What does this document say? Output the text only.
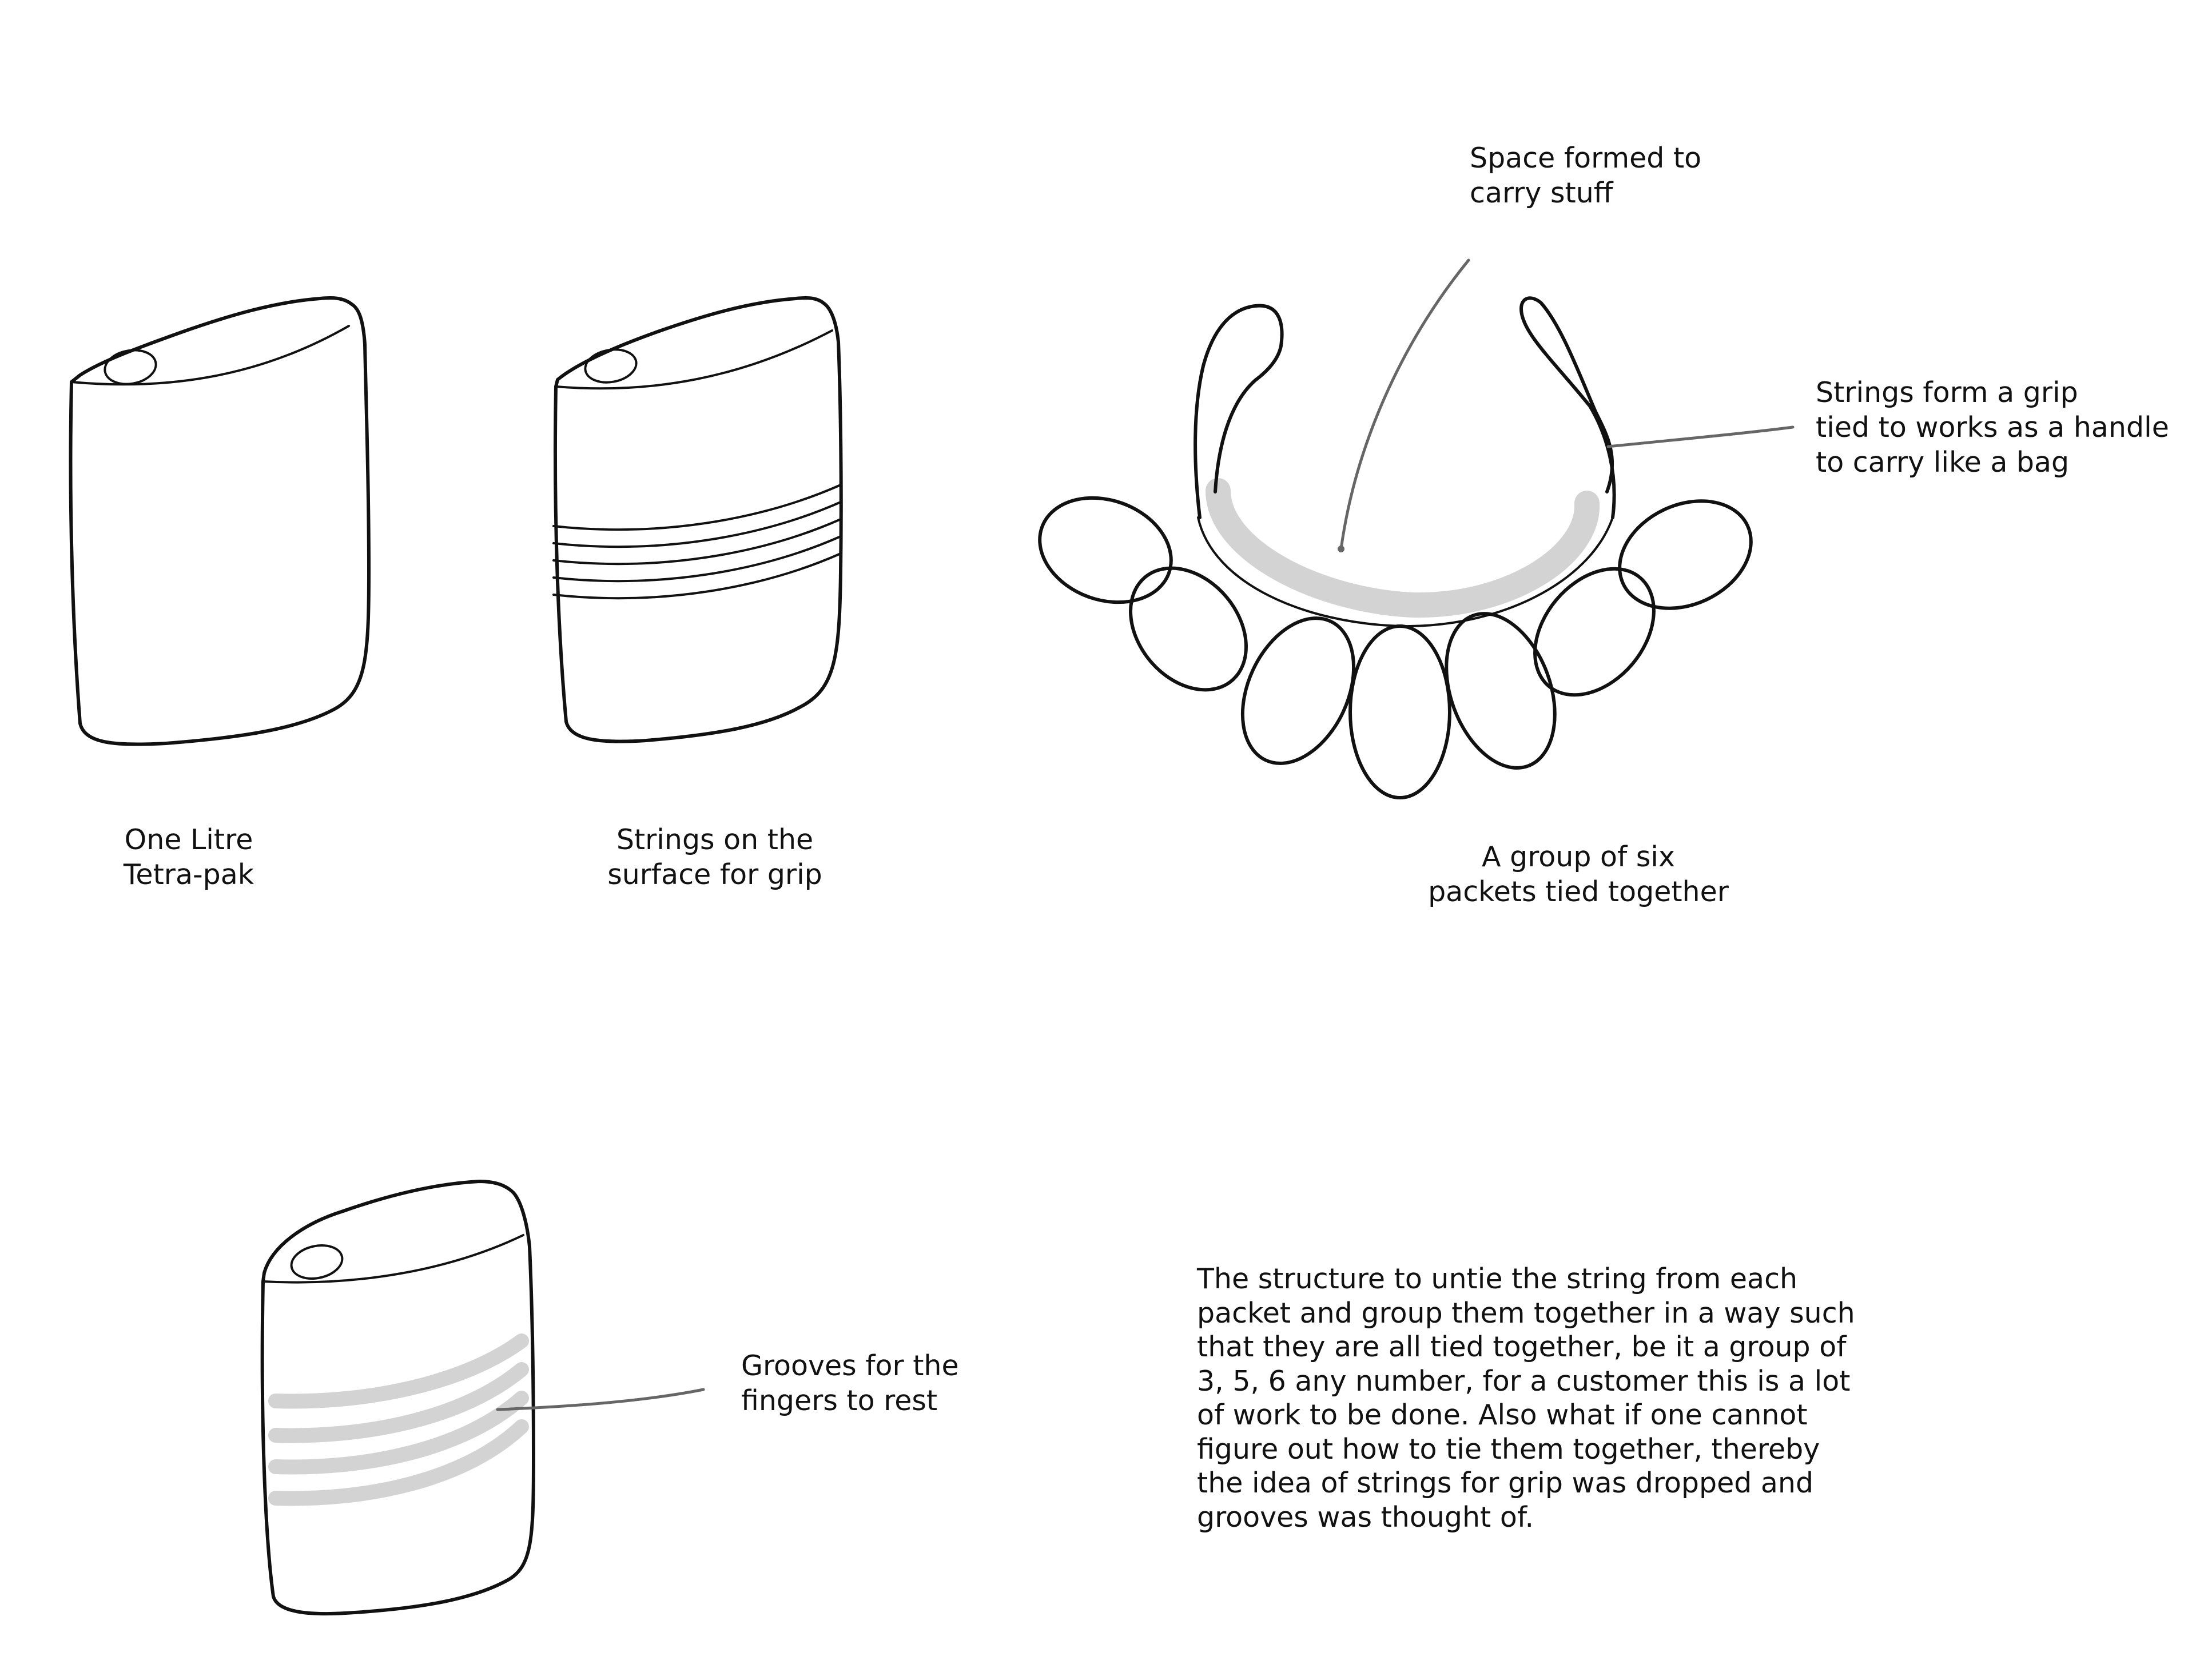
One Litre
Tetra-pak
Strings on the
surface for grip
A group of six
packets tied together
Space formed to
carry stuff
Strings form a grip
tied to works as a handle
to carry like a bag
Grooves for the
fingers to rest
The structure to untie the string from each
packet and group them together in a way such
that they are all tied together, be it a group of
3, 5, 6 any number, for a customer this is a lot
of work to be done. Also what if one cannot
figure out how to tie them together, thereby
the idea of strings for grip was dropped and
grooves was thought of.
